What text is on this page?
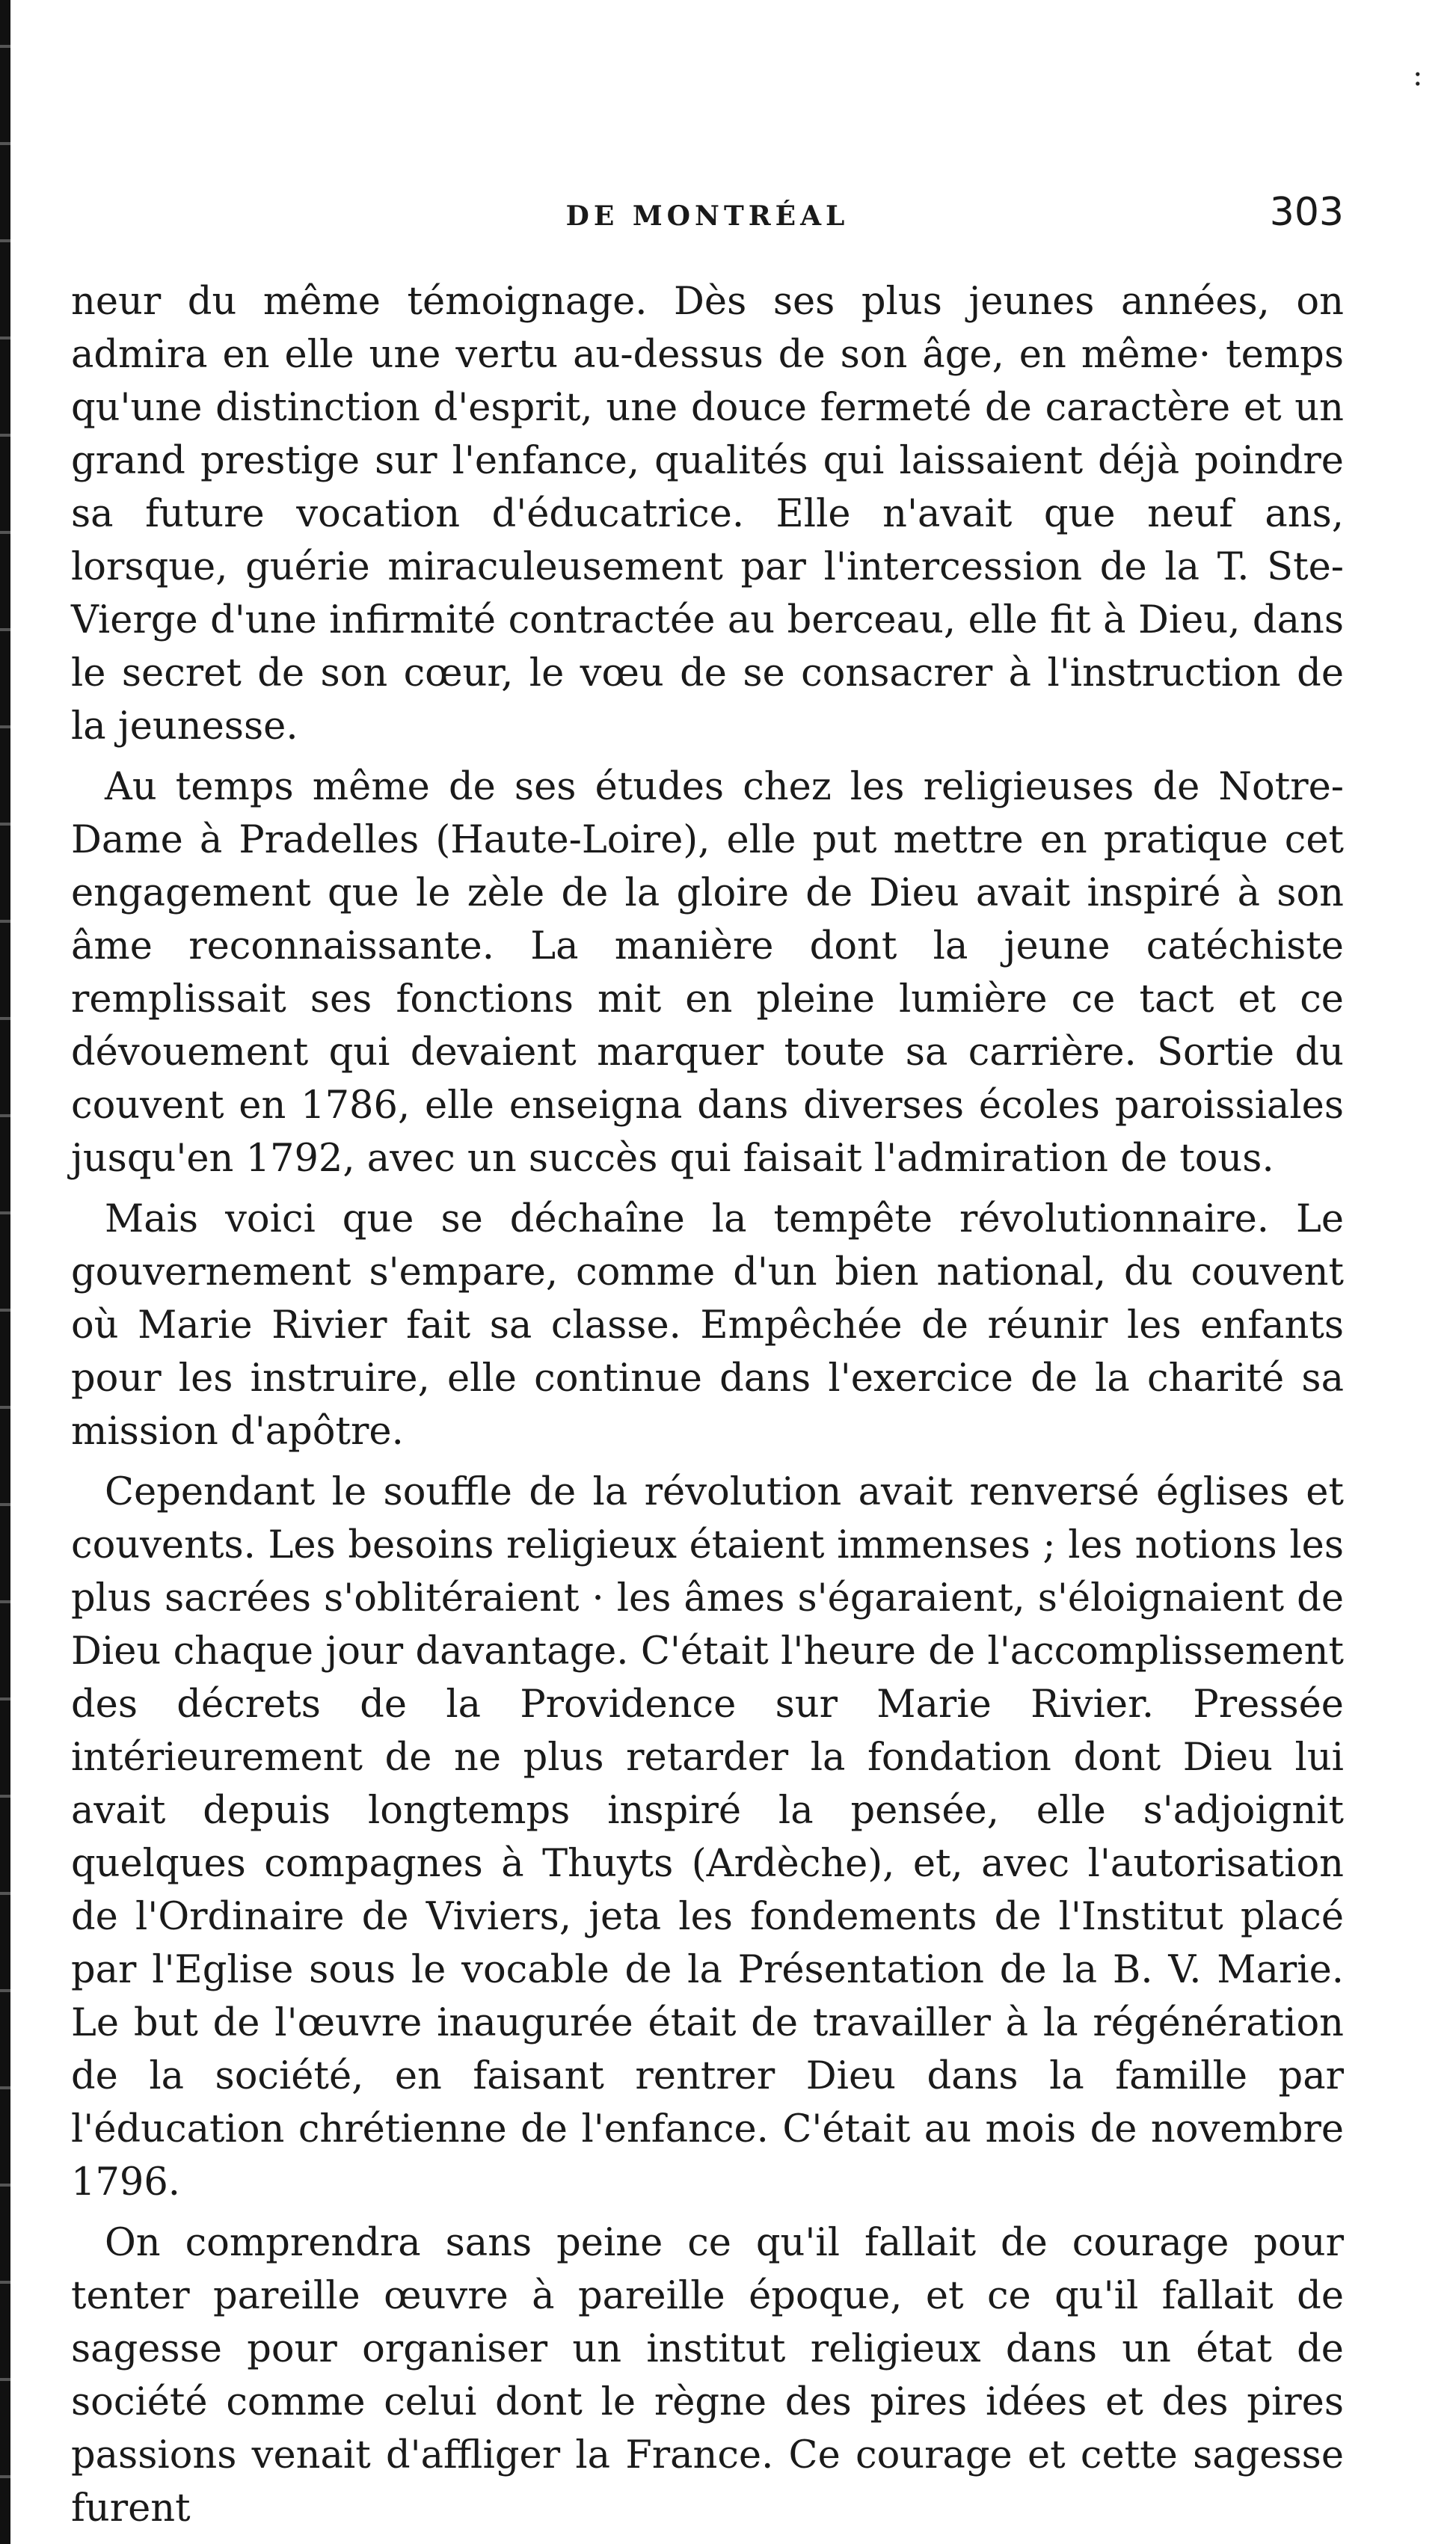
:
DE MONTRÉAL	303

neur du même témoignage. Dès ses plus jeunes années, on admira en elle une vertu au-dessus de son âge, en même· temps qu'une distinction d'esprit, une douce fermeté de caractère et un grand prestige sur l'enfance, qualités qui laissaient déjà poindre sa future vocation d'éducatrice. Elle n'avait que neuf ans, lorsque, guérie miraculeusement par l'intercession de la T. Ste-Vierge d'une infirmité contractée au berceau, elle fit à Dieu, dans le secret de son cœur, le vœu de se consacrer à l'instruction de la jeunesse.

Au temps même de ses études chez les religieuses de Notre-Dame à Pradelles (Haute-Loire), elle put mettre en pratique cet engagement que le zèle de la gloire de Dieu avait inspiré à son âme reconnaissante. La manière dont la jeune catéchiste remplissait ses fonctions mit en pleine lumière ce tact et ce dévouement qui devaient marquer toute sa carrière. Sortie du couvent en 1786, elle enseigna dans diverses écoles paroissiales jusqu'en 1792, avec un succès qui faisait l'admiration de tous.

Mais voici que se déchaîne la tempête révolutionnaire. Le gouvernement s'empare, comme d'un bien national, du couvent où Marie Rivier fait sa classe. Empêchée de réunir les enfants pour les instruire, elle continue dans l'exercice de la charité sa mission d'apôtre.

Cependant le souffle de la révolution avait renversé églises et couvents. Les besoins religieux étaient immenses ; les notions les plus sacrées s'oblitéraient · les âmes s'égaraient, s'éloignaient de Dieu chaque jour davantage. C'était l'heure de l'accomplissement des décrets de la Providence sur Marie Rivier. Pressée intérieurement de ne plus retarder la fondation dont Dieu lui avait depuis longtemps inspiré la pensée, elle s'adjoignit quelques compagnes à Thuyts (Ardèche), et, avec l'autorisation de l'Ordinaire de Viviers, jeta les fondements de l'Institut placé par l'Eglise sous le vocable de la Présentation de la B. V. Marie. Le but de l'œuvre inaugurée était de travailler à la régénération de la société, en faisant rentrer Dieu dans la famille par l'éducation chrétienne de l'enfance. C'était au mois de novembre 1796.

On comprendra sans peine ce qu'il fallait de courage pour tenter pareille œuvre à pareille époque, et ce qu'il fallait de sagesse pour organiser un institut religieux dans un état de société comme celui dont le règne des pires idées et des pires passions venait d'affliger la France. Ce courage et cette sagesse furent
